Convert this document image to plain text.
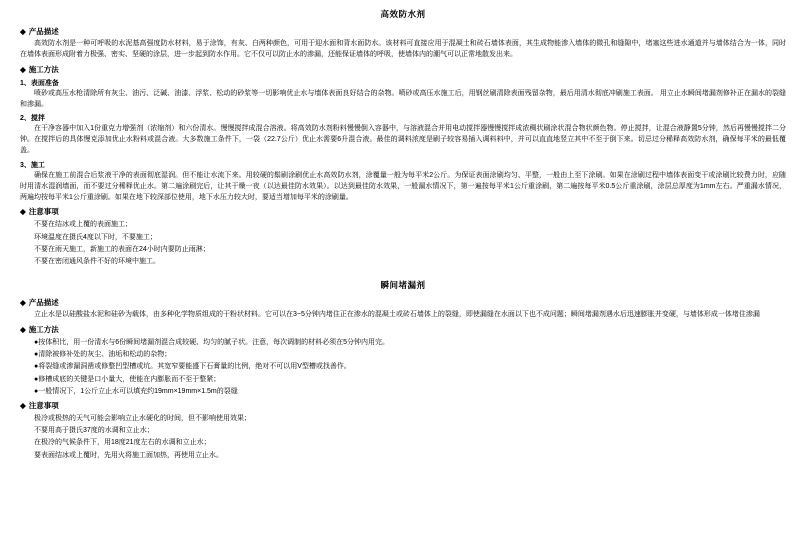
高效防水剂
◆ 产品描述
高效防水剂是一种可呼吸的水泥基高强度防水材料，易于涂饰，有灰、白两种颜色，可用于迎水面和背水面防水。该材料可直接应用于混凝土和砖石墙体表面，其生成物能渗入墙体的微孔和缝隙中，堵塞这些进水通道并与墙体结合为一体，同时在墙体表面形成附着力极强、密实、坚硬的涂层，进一步起到防水作用。它不仅可以防止水的渗漏，还能保证墙体的呼吸，使墙体内的潮气可以正常地散发出来。
◆ 施工方法
1、表面准备
喷砂或高压水枪清除所有灰尘、油污、泛碱、油漆、浮浆、松动的砂浆等一切影响优止水与墙体表面良好结合的杂物。喷砂或高压水施工后，用钢丝刷清除表面残留杂物，最后用清水彻底冲刷施工表面。 用立止水瞬间堵漏剂修补正在漏水的裂缝和渗漏。
2、搅拌
在干净容器中加入1份重克力增强剂（浓缩剂）和六份清水。慢慢搅拌成混合溶液。将高效防水剂粉料慢慢倒入容器中，与溶液混合并用电动搅拌器慢慢搅拌成浓稠状刷涂状混合物状颜色物。停止搅拌，让混合液静置5分钟，然后再慢慢搅拌二分钟。在搅拌后的具体慢克添加优止水粉料或混合液。大多数施工条件下，一袋（22.7公斤）优止水需要6升混合液。最佳的调料浓度是刷子较容易插入调料料中，并可以直直地竖立其中不至于倒下来。切忌过分稀释高效防水剂，确保每平米的最低覆盖。
3、施工
确保在施工前混合后浆液干净的表面彻底湿润。但不能让水流下来。用较硬的鬃刷涂刷优止水高效防水剂，涂覆量一般为每平米2公斤。为保证表面涂刷均匀、平整，一般由上至下涂刷。如果在涂刷过程中墙体表面变干或涂刷比较费力时，应随时用清水湿润墙面，而不要过分稀释优止水。第二遍涂刷完后，让其干燥一夜（以达最佳防水效果）。以达到最佳防水效果，一般漏水情况下，第一遍按每平米1公斤重涂刷，第二遍按每平米0.5公斤重涂刷，涂层总厚度为1mm左右。严重漏水情况，两遍均按每平米1公斤重涂刷。如果在地下较深部位使用，地下水压力较大时，要适当增加每平米的涂刷量。
◆ 注意事项
不要在结冰或上覆的表面施工；
环境温度在摄氏4度以下时，不要施工；
不要在雨天施工，新施工的表面在24小时内要防止雨淋；
不要在密闭通风条件不好的环境中施工。
瞬间堵漏剂
◆ 产品描述
立止水是以硅酸盐水泥和硅砂为载体，由多种化学物质组成的干粉状材料。它可以在3~5分钟内堵住正在渗水的混凝土或砖石墙体上的裂缝，即使漏缝在水面以下也不成问题；瞬间堵漏剂遇水后迅速膨胀并变硬，与墙体形成一体堵住渗漏
◆ 施工方法
●按体积比，用一份清水与6份瞬间堵漏剂混合成较硬、均匀的腻子状。注意，每次调制的材料必须在5分钟内用完。
●清除被修补处的灰尘、油垢和松动的杂物；
●将裂缝或渗漏洞凿或修整凹型槽或坑。其宽窄要能盛下石膏量的比例，绝对不可以用V型槽或找善作。
●修槽成底的关键是口小量大，使能在内膨胀而不至于整紧；
●一般情况下，1公斤立止水可以填充约19mm×19mm×1.5m的裂缝
◆ 注意事项
极冷或极热的天气可能会影响立止水硬化的时间，但不影响使用效果；
不要用高于摄氏37度的水调和立止水；
在极冷的气候条件下，用18度21度左右的水调和立止水；
要表面结冰或上覆时，先用火将施工面加热，再使用立止水。
